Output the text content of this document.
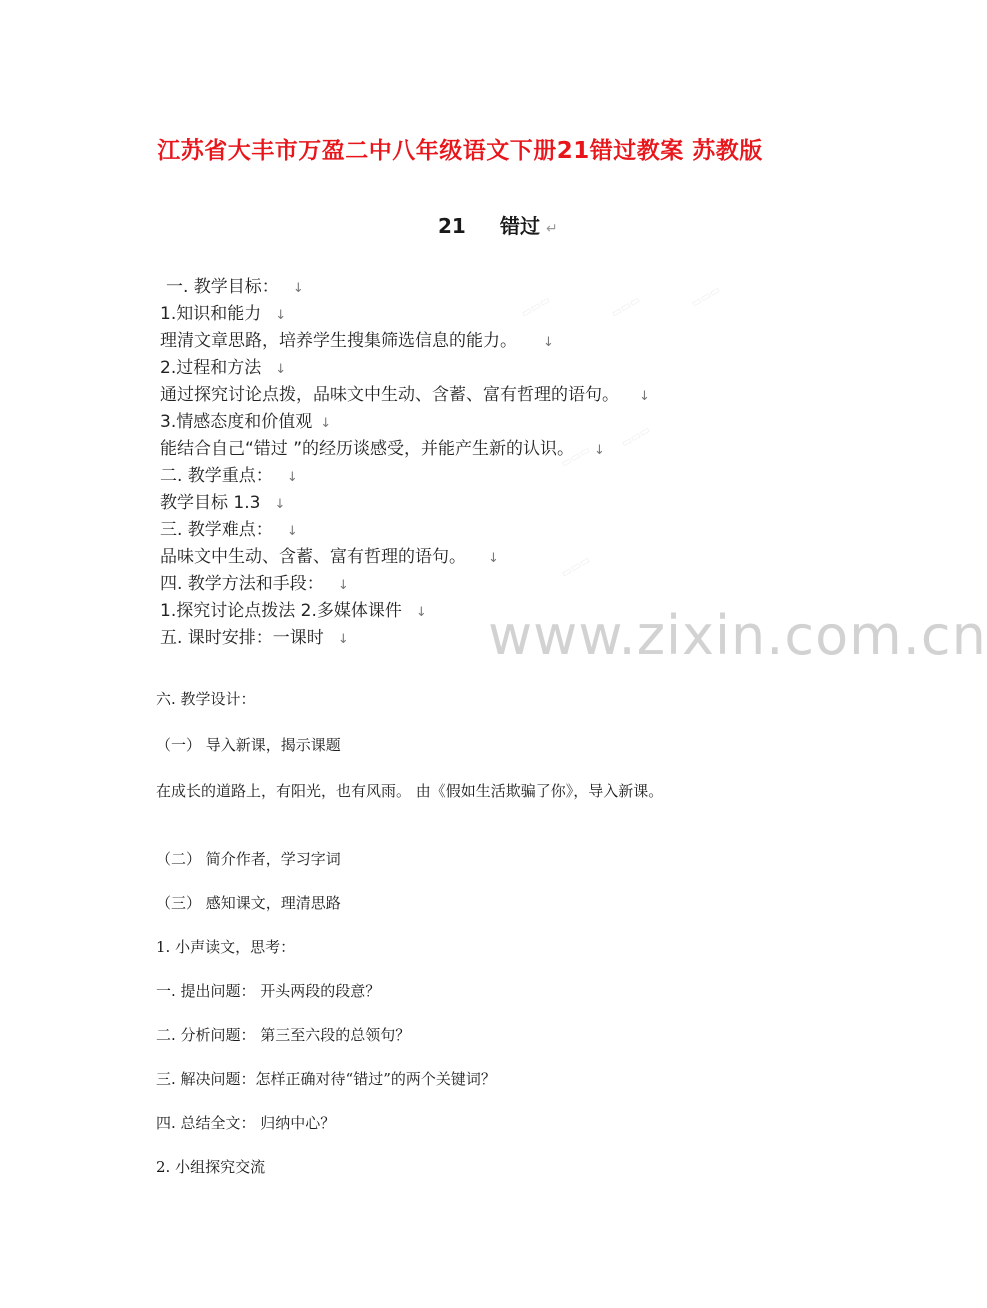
江苏省大丰市万盈二中八年级语文下册21错过教案 苏教版
21 错过 ↵
一. 教学目标： ↓
1.知识和能力 ↓
理清文章思路，培养学生搜集筛选信息的能力。 ↓
2.过程和方法 ↓
通过探究讨论点拨，品味文中生动、含蓄、富有哲理的语句。 ↓
3.情感态度和价值观 ↓
能结合自己“错过 ”的经历谈感受，并能产生新的认识。 ↓
二. 教学重点： ↓
教学目标 1.3 ↓
三. 教学难点： ↓
品味文中生动、含蓄、富有哲理的语句。 ↓
四. 教学方法和手段： ↓
1.探究讨论点拨法 2.多媒体课件 ↓
五. 课时安排：一课时 ↓	www.zixin.com.cn
▭▭▭	▭▭▭	▭▭▭
▭▭▭
▭▭▭
▭▭▭
六. 教学设计：
（一） 导入新课，揭示课题
在成长的道路上，有阳光，也有风雨。 由《假如生活欺骗了你》，导入新课。
（二） 简介作者，学习字词
（三） 感知课文，理清思路
1. 小声读文，思考：
一. 提出问题： 开头两段的段意？
二. 分析问题： 第三至六段的总领句？
三. 解决问题：怎样正确对待“错过”的两个关键词？
四. 总结全文： 归纳中心？
2. 小组探究交流
